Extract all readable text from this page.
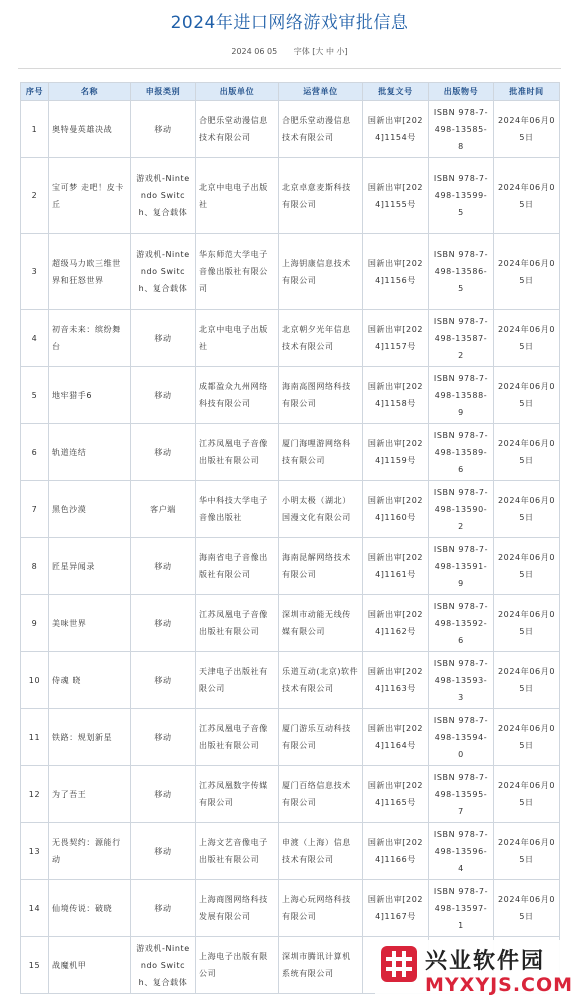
2024年进口网络游戏审批信息
2024 06 05 字体 [大 中 小]
序号	名称	申报类别	出版单位	运营单位	批复文号	出版物号	批准时间
1	奥特曼英雄决战	移动	合肥乐堂动漫信息技术有限公司	合肥乐堂动漫信息技术有限公司	国新出审[2024]1154号	ISBN 978-7-498-13585-8	2024年06月05日
2	宝可梦 走吧！皮卡丘	游戏机-Nintendo Switch、复合载体	北京中电电子出版社	北京卓意麦斯科技有限公司	国新出审[2024]1155号	ISBN 978-7-498-13599-5	2024年06月05日
3	超级马力欧三维世界和狂怒世界	游戏机-Nintendo Switch、复合载体	华东师范大学电子音像出版社有限公司	上海钥康信息技术有限公司	国新出审[2024]1156号	ISBN 978-7-498-13586-5	2024年06月05日
4	初音未来：缤纷舞台	移动	北京中电电子出版社	北京朝夕光年信息技术有限公司	国新出审[2024]1157号	ISBN 978-7-498-13587-2	2024年06月05日
5	地牢猎手6	移动	成都盈众九州网络科技有限公司	海南高图网络科技有限公司	国新出审[2024]1158号	ISBN 978-7-498-13588-9	2024年06月05日
6	轨道连结	移动	江苏凤凰电子音像出版社有限公司	厦门海哩游网络科技有限公司	国新出审[2024]1159号	ISBN 978-7-498-13589-6	2024年06月05日
7	黑色沙漠	客户端	华中科技大学电子音像出版社	小明太极（湖北）国漫文化有限公司	国新出审[2024]1160号	ISBN 978-7-498-13590-2	2024年06月05日
8	匠星异闻录	移动	海南省电子音像出版社有限公司	海南昆解网络技术有限公司	国新出审[2024]1161号	ISBN 978-7-498-13591-9	2024年06月05日
9	美味世界	移动	江苏凤凰电子音像出版社有限公司	深圳市动能无线传媒有限公司	国新出审[2024]1162号	ISBN 978-7-498-13592-6	2024年06月05日
10	侍魂 晓	移动	天津电子出版社有限公司	乐道互动(北京)软件技术有限公司	国新出审[2024]1163号	ISBN 978-7-498-13593-3	2024年06月05日
11	铁路：规划新星	移动	江苏凤凰电子音像出版社有限公司	厦门游乐互动科技有限公司	国新出审[2024]1164号	ISBN 978-7-498-13594-0	2024年06月05日
12	为了吾王	移动	江苏凤凰数字传媒有限公司	厦门百络信息技术有限公司	国新出审[2024]1165号	ISBN 978-7-498-13595-7	2024年06月05日
13	无畏契约：源能行动	移动	上海文艺音像电子出版社有限公司	申渡（上海）信息技术有限公司	国新出审[2024]1166号	ISBN 978-7-498-13596-4	2024年06月05日
14	仙境传说：破晓	移动	上海商图网络科技发展有限公司	上海心玩网络科技有限公司	国新出审[2024]1167号	ISBN 978-7-498-13597-1	2024年06月05日
15	战魔机甲	游戏机-Nintendo Switch、复合载体	上海电子出版有限公司	深圳市腾讯计算机系统有限公司				兴业软件园
MYXYJS.COM
